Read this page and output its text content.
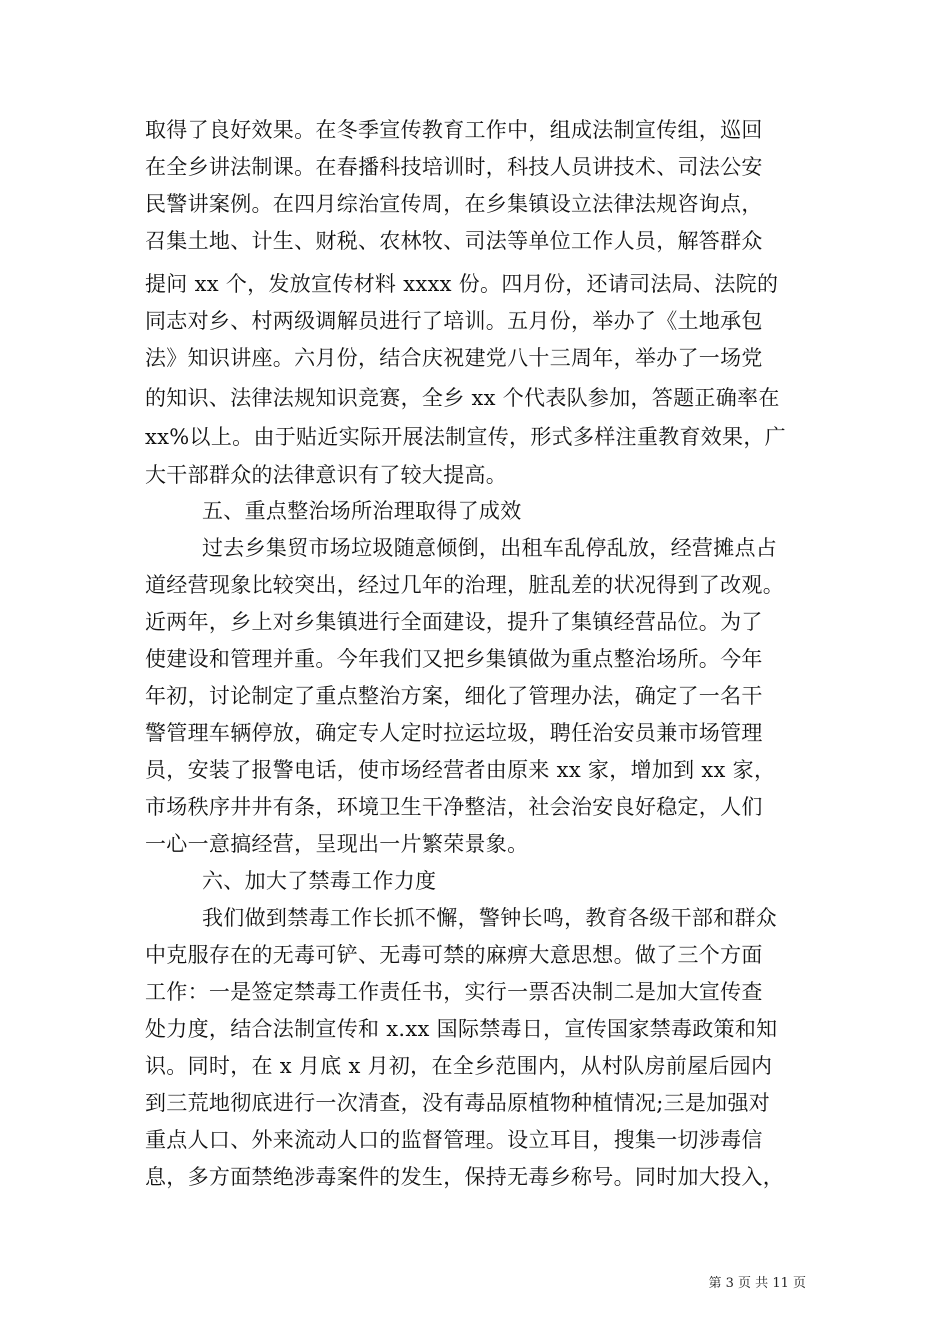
取得了良好效果。在冬季宣传教育工作中，组成法制宣传组，巡回
在全乡讲法制课。在春播科技培训时，科技人员讲技术、司法公安
民警讲案例。在四月综治宣传周，在乡集镇设立法律法规咨询点，
召集土地、计生、财税、农林牧、司法等单位工作人员，解答群众
提问 xx 个，发放宣传材料 xxxx 份。四月份，还请司法局、法院的
同志对乡、村两级调解员进行了培训。五月份，举办了《土地承包
法》知识讲座。六月份，结合庆祝建党八十三周年，举办了一场党
的知识、法律法规知识竞赛，全乡 xx 个代表队参加，答题正确率在
xx%以上。由于贴近实际开展法制宣传，形式多样注重教育效果，广
大干部群众的法律意识有了较大提高。
五、重点整治场所治理取得了成效
过去乡集贸市场垃圾随意倾倒，出租车乱停乱放，经营摊点占
道经营现象比较突出，经过几年的治理，脏乱差的状况得到了改观。
近两年，乡上对乡集镇进行全面建设，提升了集镇经营品位。为了
使建设和管理并重。今年我们又把乡集镇做为重点整治场所。今年
年初，讨论制定了重点整治方案，细化了管理办法，确定了一名干
警管理车辆停放，确定专人定时拉运垃圾，聘任治安员兼市场管理
员，安装了报警电话，使市场经营者由原来 xx 家，增加到 xx 家，
市场秩序井井有条，环境卫生干净整洁，社会治安良好稳定，人们
一心一意搞经营，呈现出一片繁荣景象。
六、加大了禁毒工作力度
我们做到禁毒工作长抓不懈，警钟长鸣，教育各级干部和群众
中克服存在的无毒可铲、无毒可禁的麻痹大意思想。做了三个方面
工作：一是签定禁毒工作责任书，实行一票否决制二是加大宣传查
处力度，结合法制宣传和 x.xx 国际禁毒日，宣传国家禁毒政策和知
识。同时，在 x 月底 x 月初，在全乡范围内，从村队房前屋后园内
到三荒地彻底进行一次清查，没有毒品原植物种植情况;三是加强对
重点人口、外来流动人口的监督管理。设立耳目，搜集一切涉毒信
息，多方面禁绝涉毒案件的发生，保持无毒乡称号。同时加大投入，
第 3 页 共 11 页
